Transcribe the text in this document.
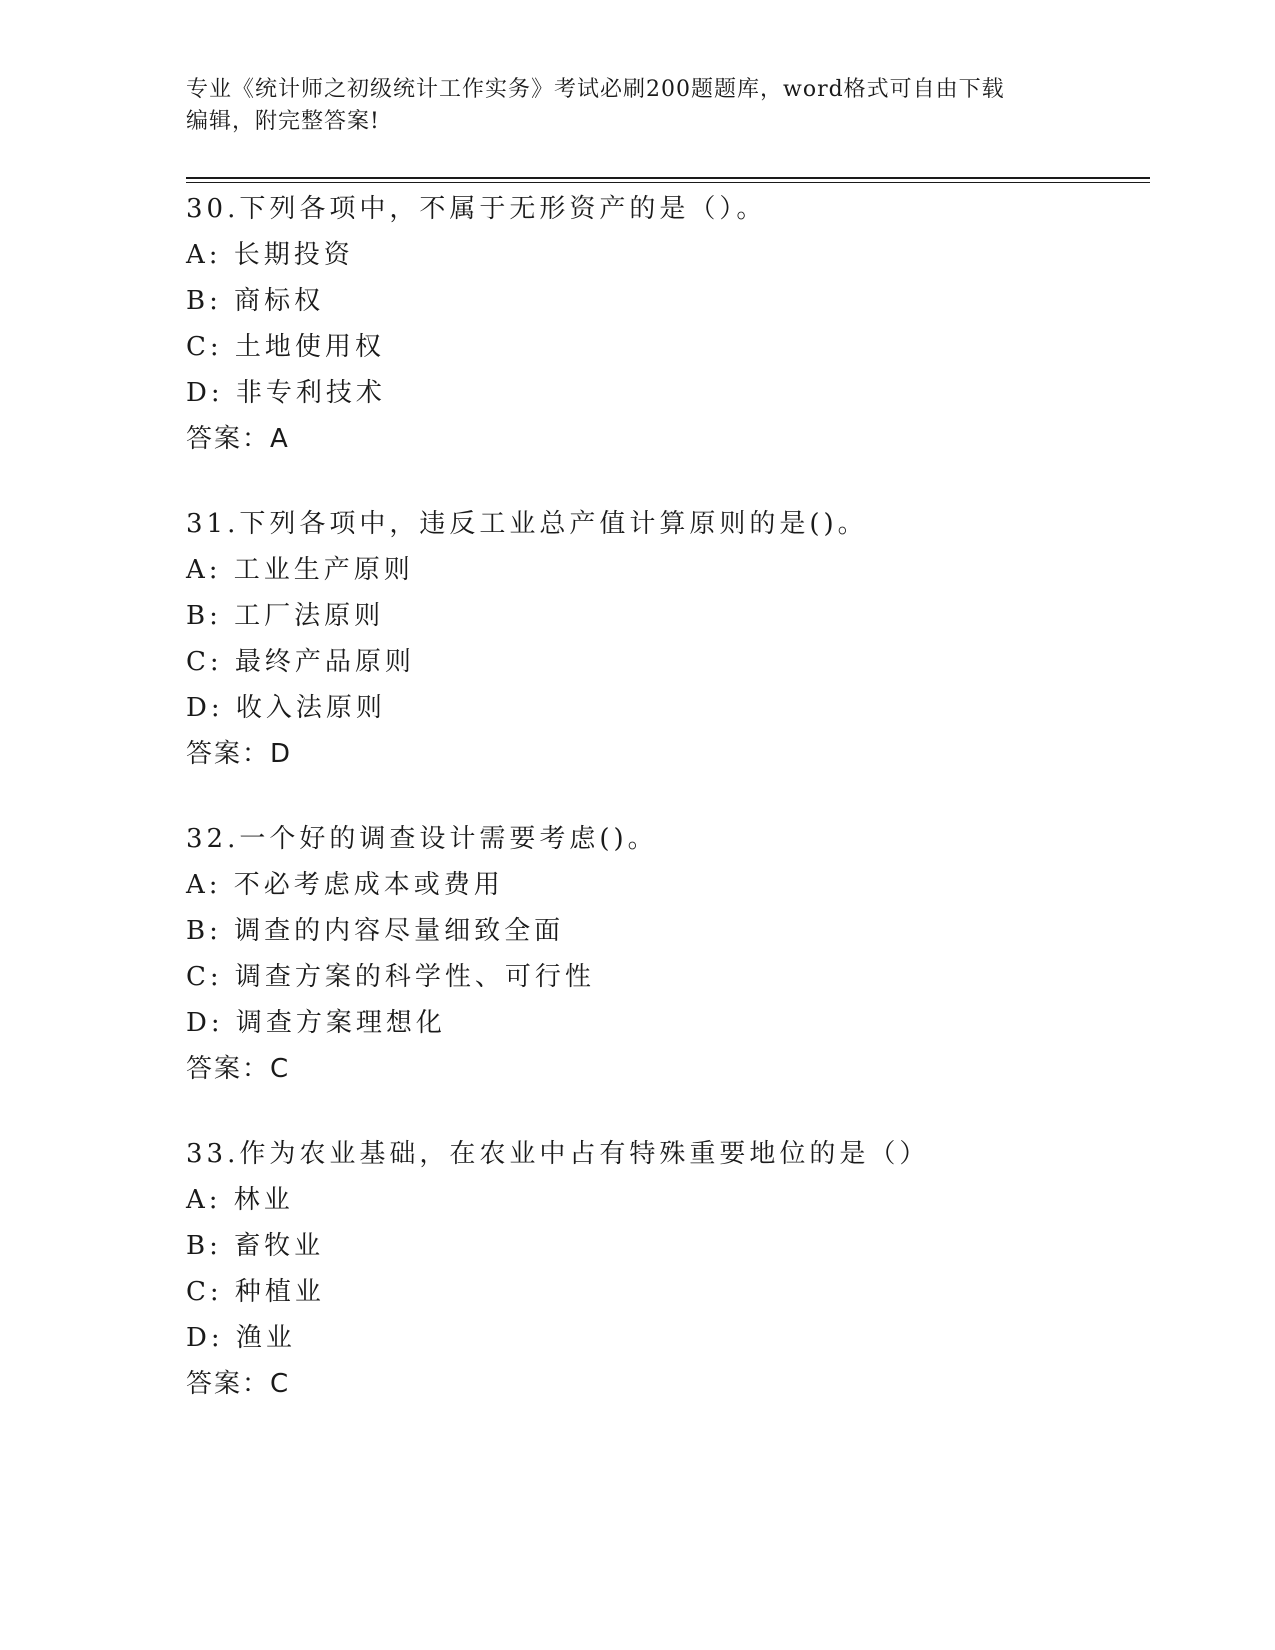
专业《统计师之初级统计工作实务》考试必刷200题题库，word格式可自由下载
编辑，附完整答案!
30.下列各项中，不属于无形资产的是（）。
A: 长期投资
B: 商标权
C: 土地使用权
D: 非专利技术
答案：A
31.下列各项中，违反工业总产值计算原则的是()。
A: 工业生产原则
B: 工厂法原则
C: 最终产品原则
D: 收入法原则
答案：D
32.一个好的调查设计需要考虑()。
A: 不必考虑成本或费用
B: 调查的内容尽量细致全面
C: 调查方案的科学性、可行性
D: 调查方案理想化
答案：C
33.作为农业基础，在农业中占有特殊重要地位的是（）
A: 林业
B: 畜牧业
C: 种植业
D: 渔业
答案：C
